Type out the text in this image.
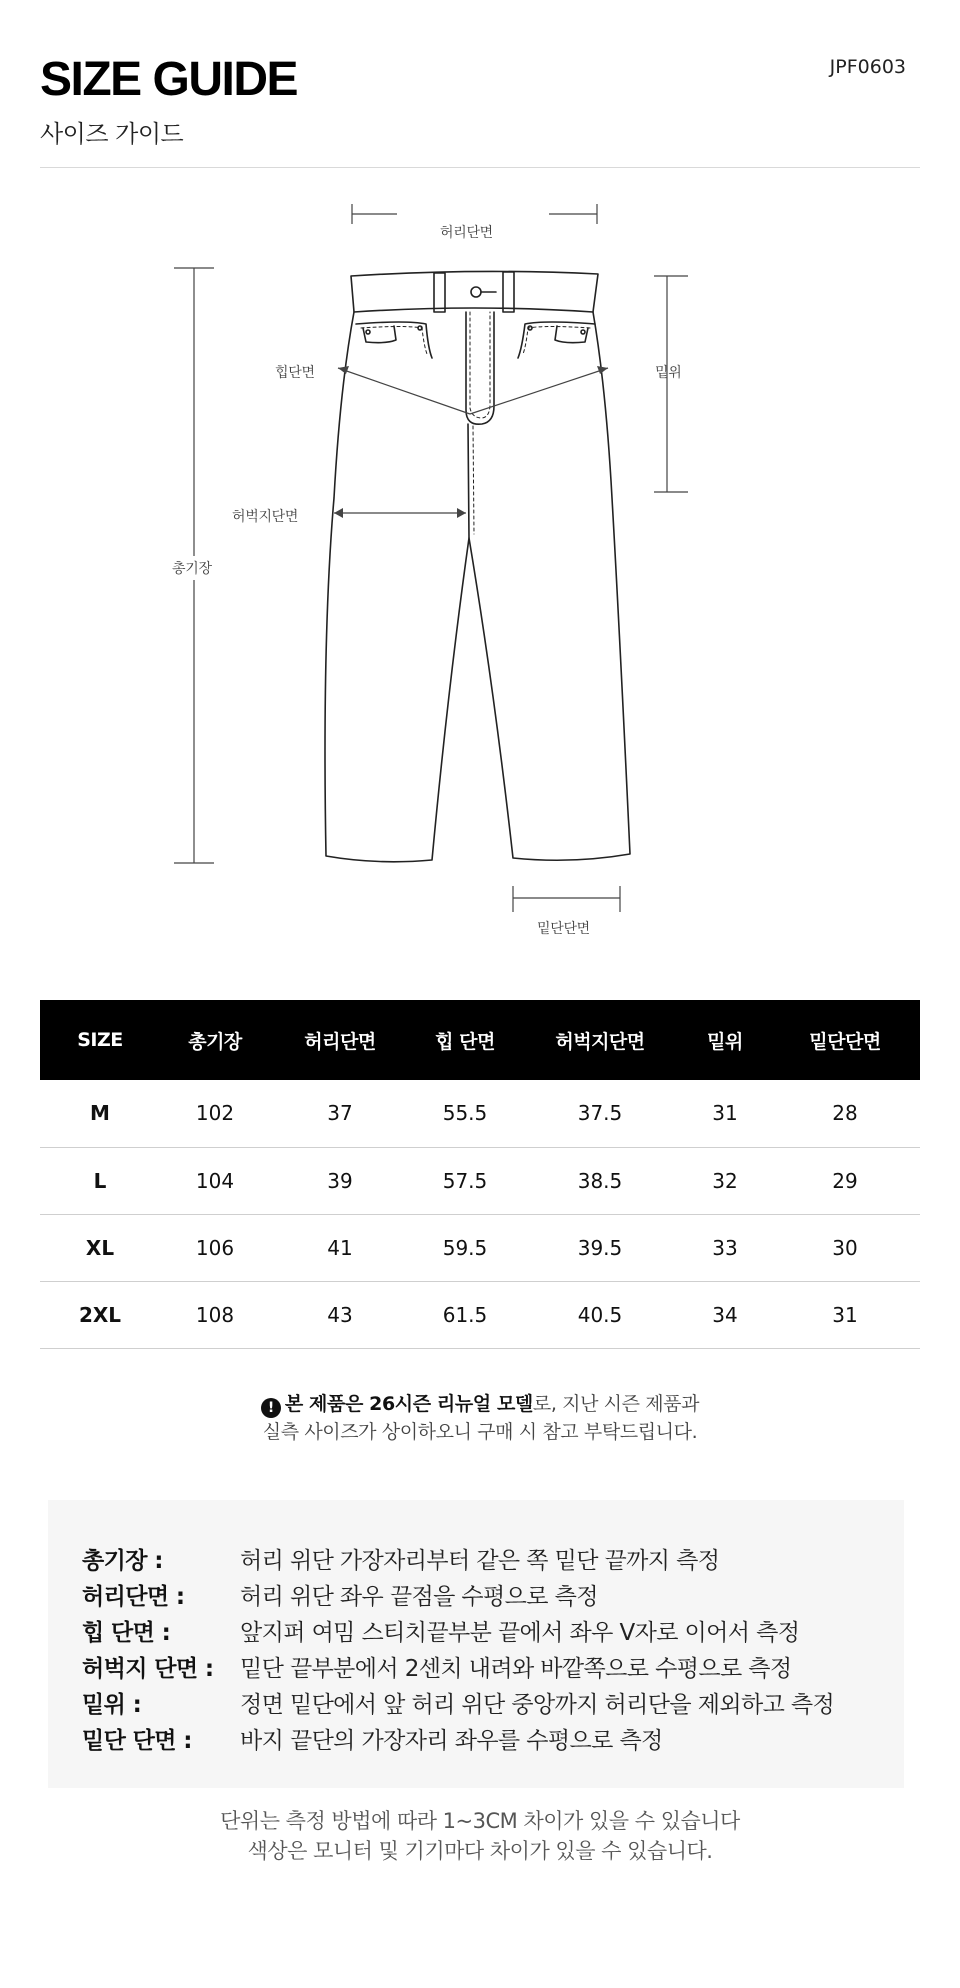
SIZE GUIDE
사이즈 가이드
JPF0603
허리단면
힙단면	밑위
허벅지단면
총기장
밑단단면
SIZE	총기장	허리단면	힙 단면	허벅지단면	밑위	밑단단면
M	102	37	55.5	37.5	31	28
L	104	39	57.5	38.5	32	29
XL	106	41	59.5	39.5	33	30
2XL	108	43	61.5	40.5	34	31
! 본 제품은 26시즌 리뉴얼 모델로, 지난 시즌 제품과
실측 사이즈가 상이하오니 구매 시 참고 부탁드립니다.
총기장 :	허리 위단 가장자리부터 같은 쪽 밑단 끝까지 측정
허리단면 :	허리 위단 좌우 끝점을 수평으로 측정
힙 단면 :	앞지퍼 여밈 스티치끝부분 끝에서 좌우 V자로 이어서 측정
허벅지 단면 :	밑단 끝부분에서 2센치 내려와 바깥쪽으로 수평으로 측정
밑위 :	정면 밑단에서 앞 허리 위단 중앙까지 허리단을 제외하고 측정
밑단 단면 :	바지 끝단의 가장자리 좌우를 수평으로 측정
단위는 측정 방법에 따라 1~3CM 차이가 있을 수 있습니다
색상은 모니터 및 기기마다 차이가 있을 수 있습니다.
